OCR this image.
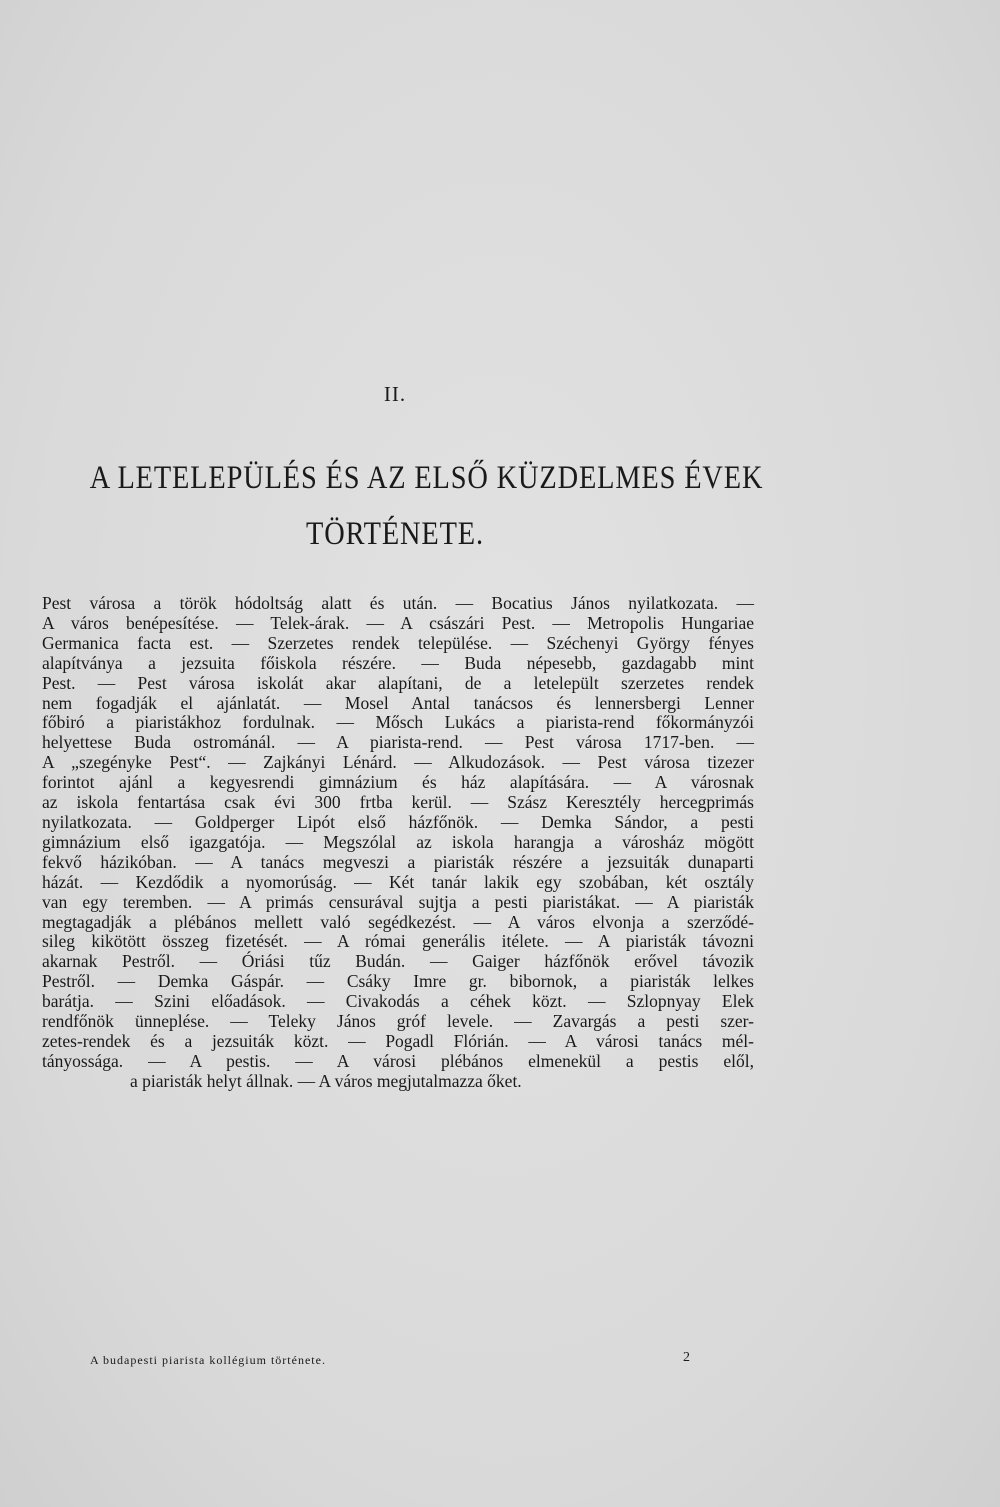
II.
A LETELEPÜLÉS ÉS AZ ELSŐ KÜZDELMES ÉVEK
TÖRTÉNETE.
Pest városa a török hódoltság alatt és után. — Bocatius János nyilatkozata. —
A város benépesítése. — Telek-árak. — A császári Pest. — Metropolis Hungariae
Germanica facta est. — Szerzetes rendek települése. — Széchenyi György fényes
alapítványa a jezsuita főiskola részére. — Buda népesebb, gazdagabb mint
Pest. — Pest városa iskolát akar alapítani, de a letelepült szerzetes rendek
nem fogadják el ajánlatát. — Mosel Antal tanácsos és lennersbergi Lenner
főbiró a piaristákhoz fordulnak. — Mősch Lukács a piarista-rend főkormányzói
helyettese Buda ostrománál. — A piarista-rend. — Pest városa 1717-ben. —
A „szegényke Pest“. — Zajkányi Lénárd. — Alkudozások. — Pest városa tizezer
forintot ajánl a kegyesrendi gimnázium és ház alapítására. — A városnak
az iskola fentartása csak évi 300 frtba kerül. — Szász Keresztély hercegprimás
nyilatkozata. — Goldperger Lipót első házfőnök. — Demka Sándor, a pesti
gimnázium első igazgatója. — Megszólal az iskola harangja a városház mögött
fekvő házikóban. — A tanács megveszi a piaristák részére a jezsuiták dunaparti
házát. — Kezdődik a nyomorúság. — Két tanár lakik egy szobában, két osztály
van egy teremben. — A primás censurával sujtja a pesti piaristákat. — A piaristák
megtagadják a plébános mellett való segédkezést. — A város elvonja a szerződé-
sileg kikötött összeg fizetését. — A római generális itélete. — A piaristák távozni
akarnak Pestről. — Óriási tűz Budán. — Gaiger házfőnök erővel távozik
Pestről. — Demka Gáspár. — Csáky Imre gr. bibornok, a piaristák lelkes
barátja. — Szini előadások. — Civakodás a céhek közt. — Szlopnyay Elek
rendfőnök ünneplése. — Teleky János gróf levele. — Zavargás a pesti szer-
zetes-rendek és a jezsuiták közt. — Pogadl Flórián. — A városi tanács mél-
tányossága. — A pestis. — A városi plébános elmenekül a pestis elől,
a piaristák helyt állnak. — A város megjutalmazza őket.
A budapesti piarista kollégium története.	2
